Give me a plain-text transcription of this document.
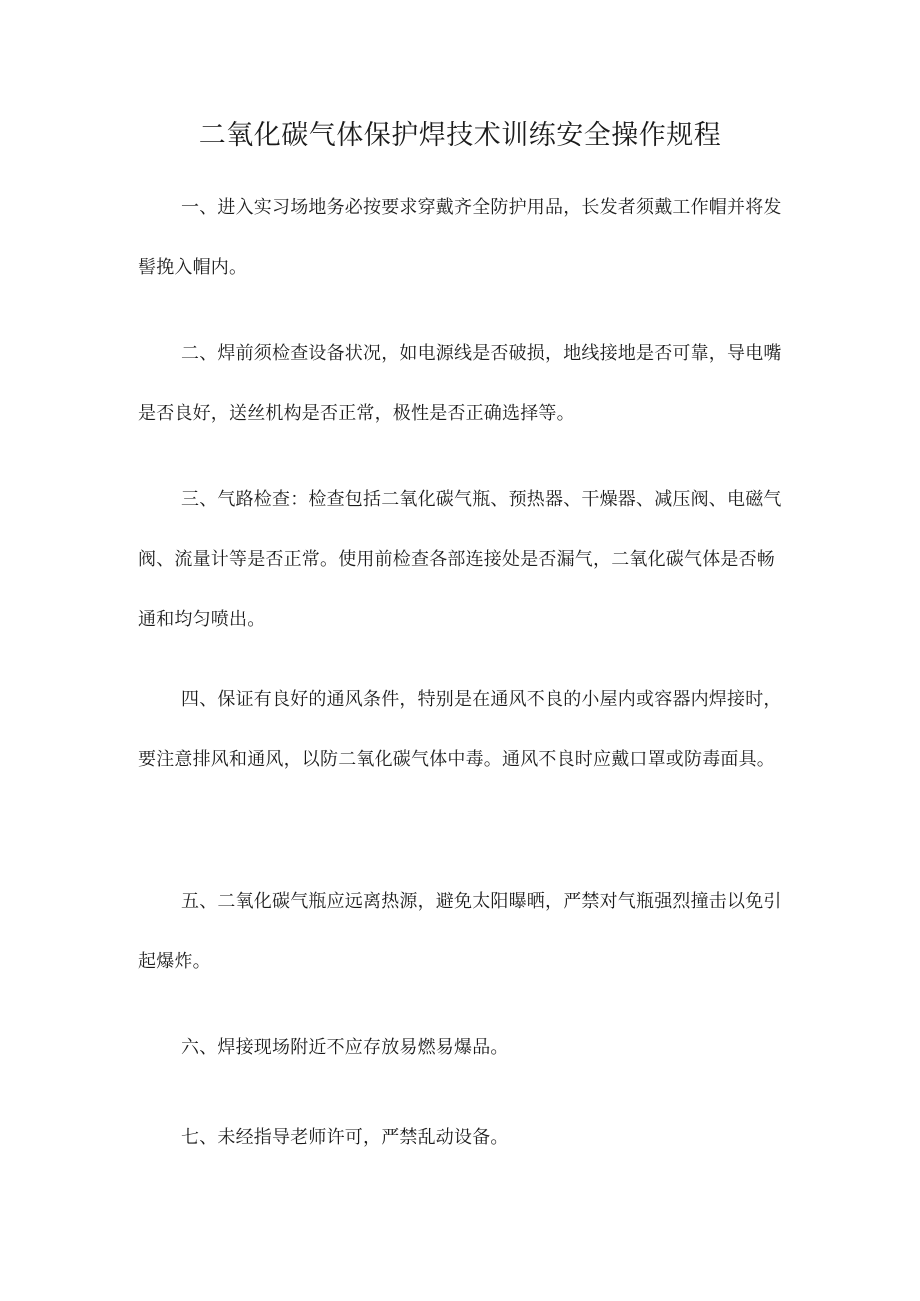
二氧化碳气体保护焊技术训练安全操作规程

一、进入实习场地务必按要求穿戴齐全防护用品，长发者须戴工作帽并将发髻挽入帽内。

二、焊前须检查设备状况，如电源线是否破损，地线接地是否可靠，导电嘴是否良好，送丝机构是否正常，极性是否正确选择等。

三、气路检查：检查包括二氧化碳气瓶、预热器、干燥器、减压阀、电磁气阀、流量计等是否正常。使用前检查各部连接处是否漏气，二氧化碳气体是否畅通和均匀喷出。

四、保证有良好的通风条件，特别是在通风不良的小屋内或容器内焊接时，要注意排风和通风，以防二氧化碳气体中毒。通风不良时应戴口罩或防毒面具。

五、二氧化碳气瓶应远离热源，避免太阳曝晒，严禁对气瓶强烈撞击以免引起爆炸。

六、焊接现场附近不应存放易燃易爆品。

七、未经指导老师许可，严禁乱动设备。
